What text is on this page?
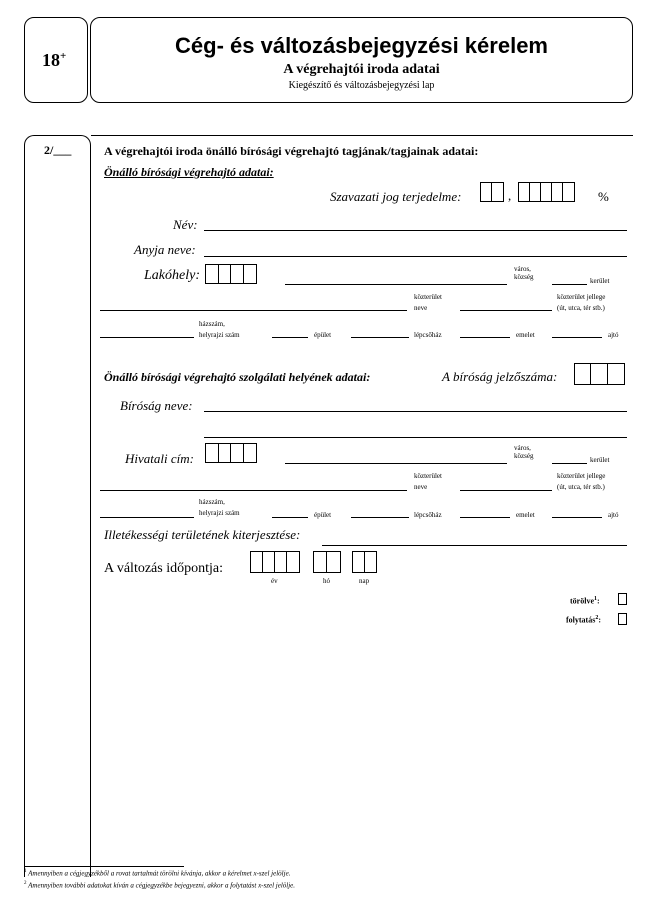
18+	Cég- és változásbejegyzési kérelem
A végrehajtói iroda adatai
Kiegészítő és változásbejegyzési lap
2/___	A végrehajtói iroda önálló bírósági végrehajtó tagjának/tagjainak adatai:
Önálló bírósági végrehajtó adatai:
Szavazati jog terjedelme:	,	%
Név:
Anyja neve:
Lakóhely:	város,
község	kerület
közterület
neve
közterület jellege
(út, utca, tér stb.)
házszám,
helyrajzi szám	épület	lépcsőház	emelet	ajtó
Önálló bírósági végrehajtó szolgálati helyének adatai:	A bíróság jelzőszáma:
Bíróság neve:
Hivatali cím:
város,
község	kerület
közterület
neve
közterület jellege
(út, utca, tér stb.)
házszám,
helyrajzi szám	épület	lépcsőház	emelet	ajtó
Illetékességi területének kiterjesztése:
A változás időpontja:
év	hó	nap
törölve$^1$:
folytatás$^2$:
$^1$ Amennyiben a cégjegyzékből a rovat tartalmát törölni kívánja, akkor a kérelmet x-szel jelölje.
$^2$ Amennyiben további adatokat kíván a cégjegyzékbe bejegyezni, akkor a folytatást x-szel jelölje.
